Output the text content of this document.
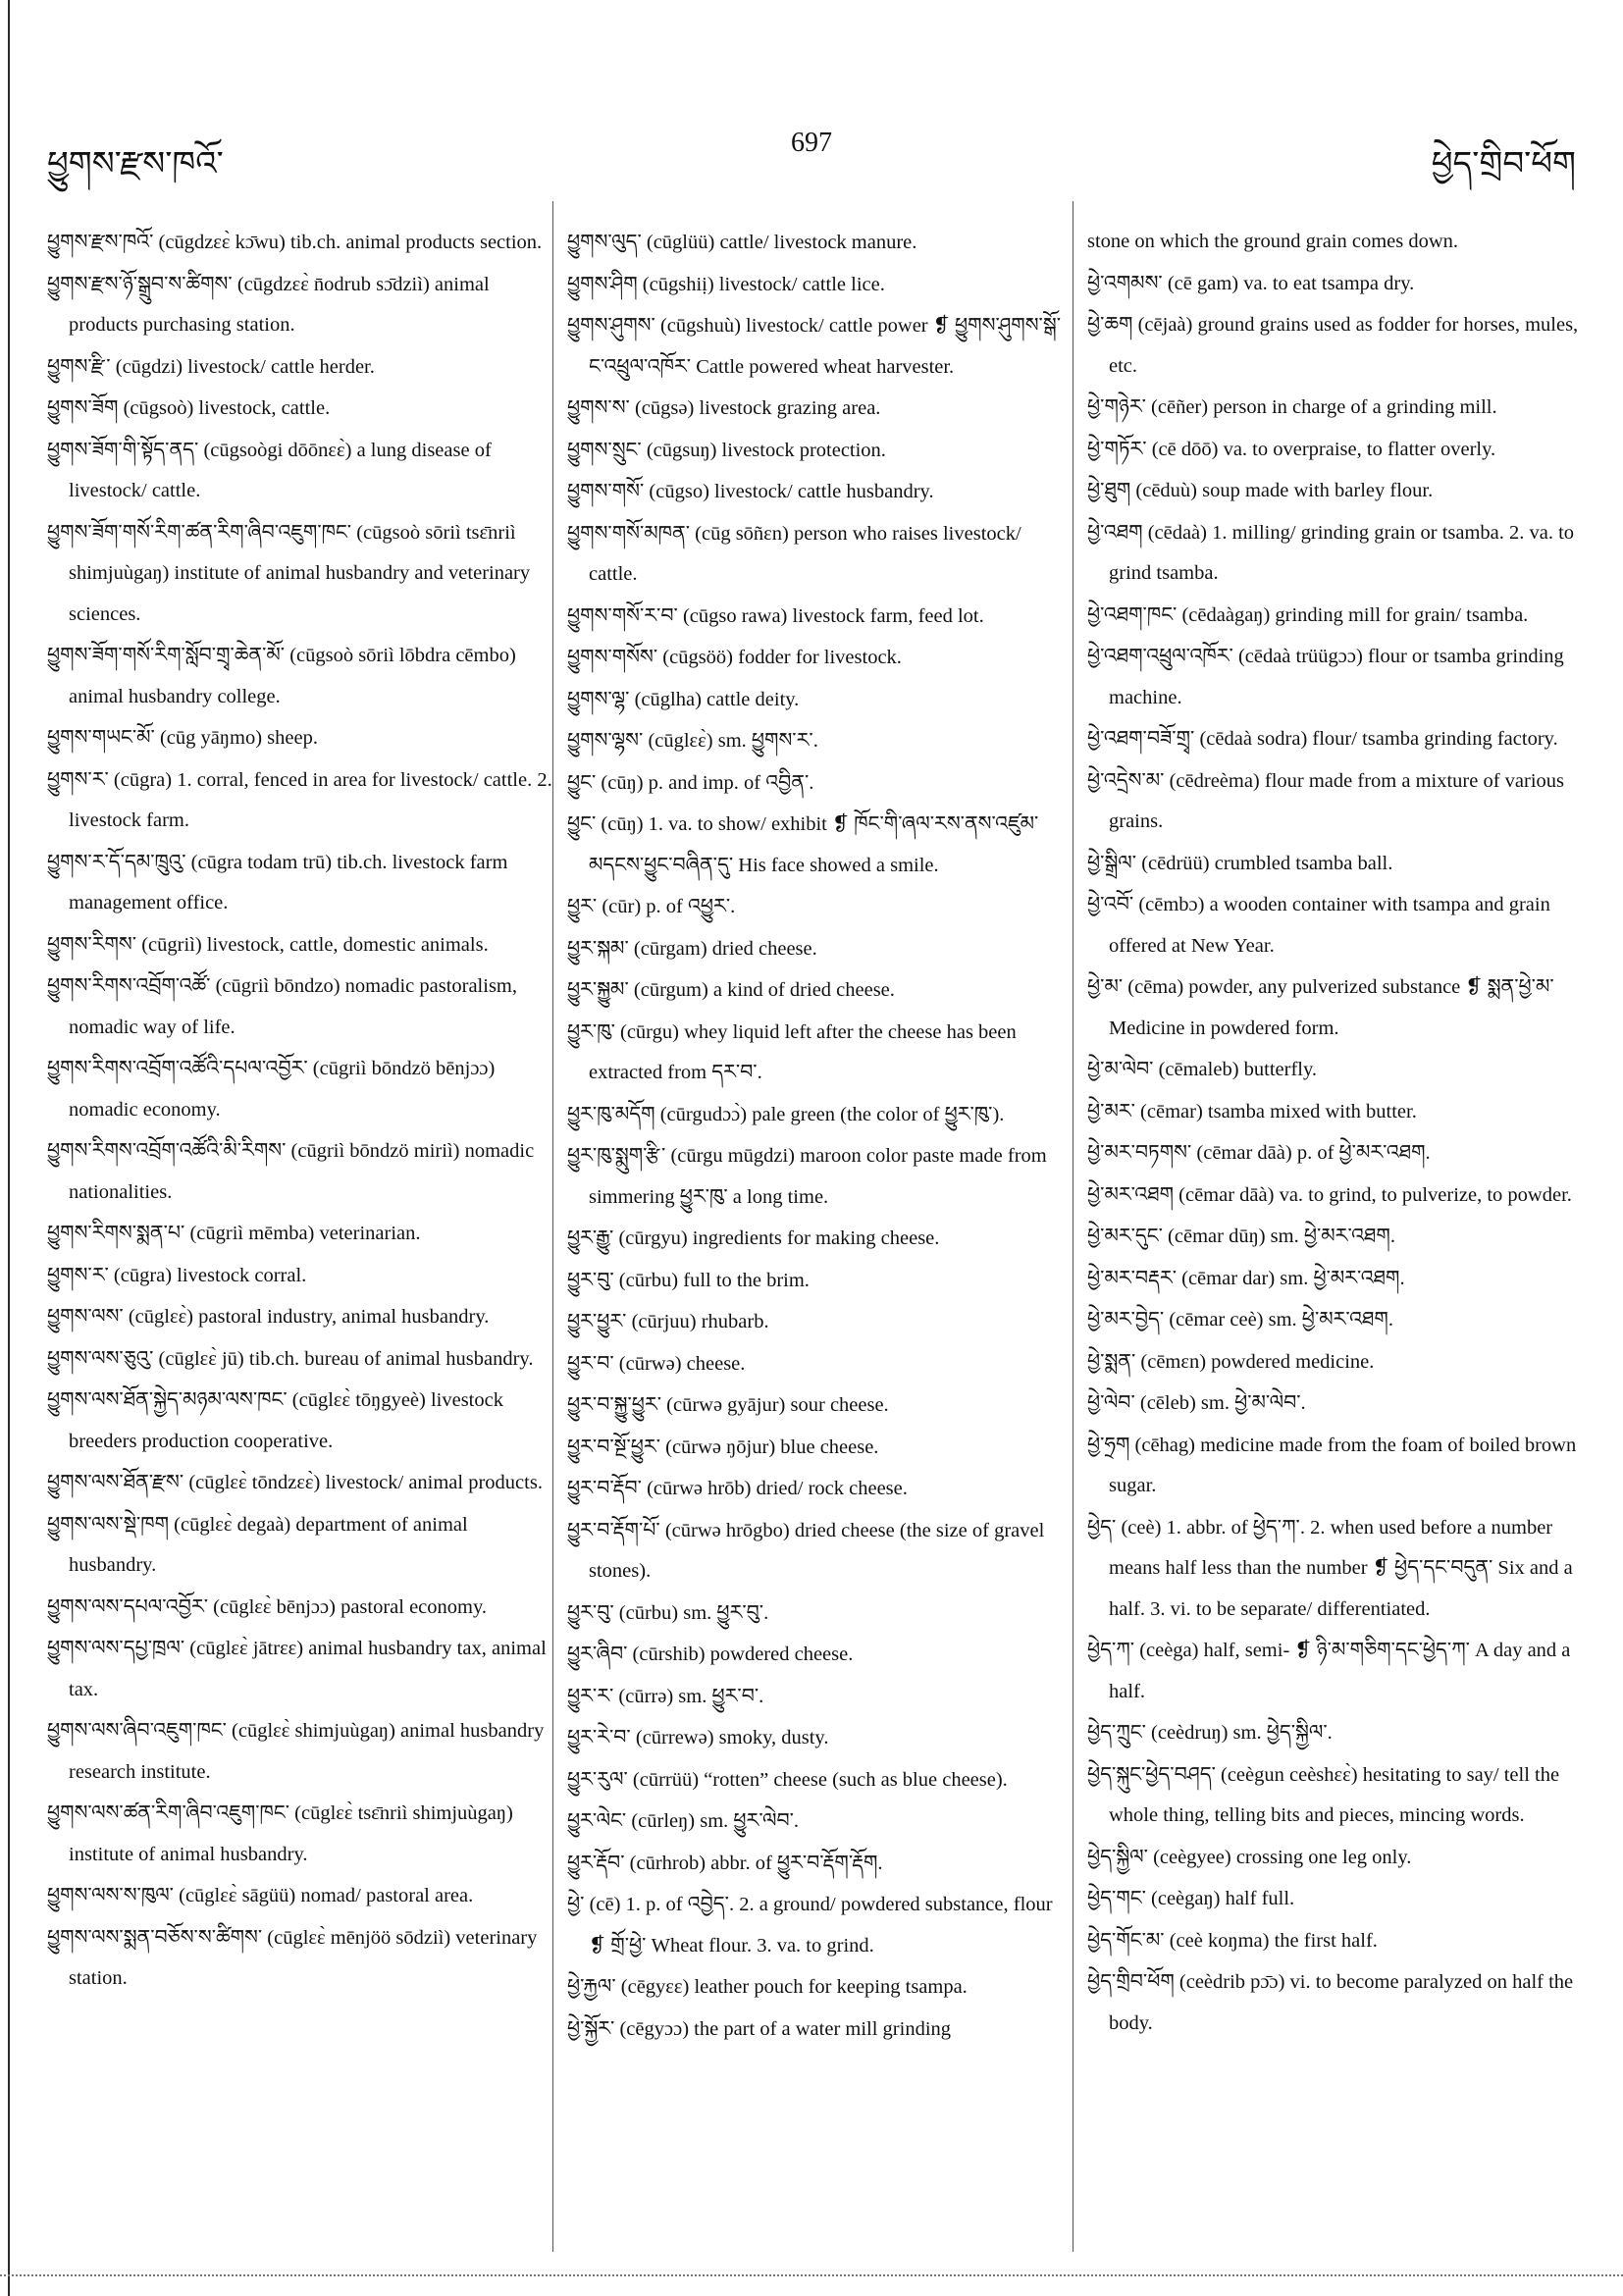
ཕྱུགས་རྫས་ཁའོ་
697
ཕྱེད་གྲིབ་ཕོག

ཕྱུགས་རྫས་ཁའོ་ (cūgdzɛɛ̀ kɔ̄wu) tib.ch. animal products section.

ཕྱུགས་རྫས་ཉོ་སྒྲུབ་ས་ཚིགས་ (cūgdzɛɛ̀ n̄odrub sɔ̄dziì) animal products purchasing station.

ཕྱུགས་རྫི་ (cūgdzi) livestock/ cattle herder.

ཕྱུགས་ཟོག (cūgsoò) livestock, cattle.

ཕྱུགས་ཟོག་གི་སྟོད་ནད་ (cūgsoògi dōōnɛɛ̀) a lung disease of livestock/ cattle.

ཕྱུགས་ཟོག་གསོ་རིག་ཚན་རིག་ཞིབ་འཇུག་ཁང་ (cūgsoò sōriì tsɛ̄nriì shimjuùgaŋ) institute of animal husbandry and veterinary sciences.

ཕྱུགས་ཟོག་གསོ་རིག་སློབ་གྲྭ་ཆེན་མོ་ (cūgsoò sōriì lōbdra cēmbo) animal husbandry college.

ཕྱུགས་གཡང་མོ་ (cūg yāŋmo) sheep.

ཕྱུགས་ར་ (cūgra) 1. corral, fenced in area for livestock/ cattle. 2. livestock farm.

ཕྱུགས་ར་དོ་དམ་ཁྲུའུ་ (cūgra todam trū) tib.ch. livestock farm management office.

ཕྱུགས་རིགས་ (cūgriì) livestock, cattle, domestic animals.

ཕྱུགས་རིགས་འབྲོག་འཚོ་ (cūgriì bōndzo) nomadic pastoralism, nomadic way of life.

ཕྱུགས་རིགས་འབྲོག་འཚོའི་དཔལ་འབྱོར་ (cūgriì bōndzö bēnjɔɔ) nomadic economy.

ཕྱུགས་རིགས་འབྲོག་འཚོའི་མི་རིགས་ (cūgriì bōndzö miriì) nomadic nationalities.

ཕྱུགས་རིགས་སྨན་པ་ (cūgriì mēmba) veterinarian.

ཕྱུགས་ར་ (cūgra) livestock corral.

ཕྱུགས་ལས་ (cūglɛɛ̀) pastoral industry, animal husbandry.

ཕྱུགས་ལས་ཅུའུ་ (cūglɛɛ̀ jū) tib.ch. bureau of animal husbandry.

ཕྱུགས་ལས་ཐོན་སྐྱེད་མཉམ་ལས་ཁང་ (cūglɛɛ̀ tōŋgyeè) livestock breeders production cooperative.

ཕྱུགས་ལས་ཐོན་རྫས་ (cūglɛɛ̀ tōndzɛɛ̀) livestock/ animal products.

ཕྱུགས་ལས་སྡེ་ཁག (cūglɛɛ̀ degaà) department of animal husbandry.

ཕྱུགས་ལས་དཔལ་འབྱོར་ (cūglɛɛ̀ bēnjɔɔ) pastoral economy.

ཕྱུགས་ལས་དཔྱ་ཁྲལ་ (cūglɛɛ̀ jātrɛɛ) animal husbandry tax, animal tax.

ཕྱུགས་ལས་ཞིབ་འཇུག་ཁང་ (cūglɛɛ̀ shimjuùgaŋ) animal husbandry research institute.

ཕྱུགས་ལས་ཚན་རིག་ཞིབ་འཇུག་ཁང་ (cūglɛɛ̀ tsɛ̄nriì shimjuùgaŋ) institute of animal husbandry.

ཕྱུགས་ལས་ས་ཁུལ་ (cūglɛɛ̀ sāgüü) nomad/ pastoral area.

ཕྱུགས་ལས་སྨན་བཅོས་ས་ཚིགས་ (cūglɛɛ̀ mēnjöö sōdziì) veterinary station.

ཕྱུགས་ལུད་ (cūglüü) cattle/ livestock manure.

ཕྱུགས་ཤིག (cūgshiị) livestock/ cattle lice.

ཕྱུགས་ཤུགས་ (cūgshuù) livestock/ cattle power ❡ ཕྱུགས་ཤུགས་སྒོ་ང་འཕྲུལ་འཁོར་ Cattle powered wheat harvester.

ཕྱུགས་ས་ (cūgsə) livestock grazing area.

ཕྱུགས་སྲུང་ (cūgsuŋ) livestock protection.

ཕྱུགས་གསོ་ (cūgso) livestock/ cattle husbandry.

ཕྱུགས་གསོ་མཁན་ (cūg sōñɛn) person who raises livestock/ cattle.

ཕྱུགས་གསོ་ར་བ་ (cūgso rawa) livestock farm, feed lot.

ཕྱུགས་གསོས་ (cūgsöö) fodder for livestock.

ཕྱུགས་ལྷ་ (cūglha) cattle deity.

ཕྱུགས་ལྷས་ (cūglɛɛ̀) sm. ཕྱུགས་ར་.

ཕྱུང་ (cūŋ) p. and imp. of འབྱིན་.

ཕྱུང་ (cūŋ) 1. va. to show/ exhibit ❡ ཁོང་གི་ཞལ་རས་ནས་འཛུམ་མདངས་ཕྱུང་བཞིན་དུ་ His face showed a smile.

ཕྱུར་ (cūr) p. of འཕྱུར་.

ཕྱུར་སྐམ་ (cūrgam) dried cheese.

ཕྱུར་སྐྱུམ་ (cūrgum) a kind of dried cheese.

ཕྱུར་ཁུ་ (cūrgu) whey liquid left after the cheese has been extracted from དར་བ་.

ཕྱུར་ཁུ་མདོག (cūrgudɔɔ̀) pale green (the color of ཕྱུར་ཁུ་).

ཕྱུར་ཁུ་སྨུག་རྩི་ (cūrgu mūgdzi) maroon color paste made from simmering ཕྱུར་ཁུ་ a long time.

ཕྱུར་རྒྱུ་ (cūrgyu) ingredients for making cheese.

ཕྱུར་བུ་ (cūrbu) full to the brim.

ཕྱུར་ཕྱུར་ (cūrjuu) rhubarb.

ཕྱུར་བ་ (cūrwə) cheese.

ཕྱུར་བ་སྐྱུ་ཕྱུར་ (cūrwə gyājur) sour cheese.

ཕྱུར་བ་སྔོ་ཕྱུར་ (cūrwə ŋōjur) blue cheese.

ཕྱུར་བ་རྡོབ་ (cūrwə hrōb) dried/ rock cheese.

ཕྱུར་བ་རྡོག་པོ་ (cūrwə hrōgbo) dried cheese (the size of gravel stones).

ཕྱུར་བུ་ (cūrbu) sm. ཕྱུར་བུ་.

ཕྱུར་ཞིབ་ (cūrshib) powdered cheese.

ཕྱུར་ར་ (cūrrə) sm. ཕྱུར་བ་.

ཕྱུར་རེ་བ་ (cūrrewə) smoky, dusty.

ཕྱུར་རུལ་ (cūrrüü) “rotten” cheese (such as blue cheese).

ཕྱུར་ལེང་ (cūrleŋ) sm. ཕྱུར་ལེབ་.

ཕྱུར་རྡོབ་ (cūrhrob) abbr. of ཕྱུར་བ་རྡོག་རྡོག.

ཕྱེ་ (cē) 1. p. of འབྱེད་. 2. a ground/ powdered substance, flour ❡ གྲོ་ཕྱེ་ Wheat flour. 3. va. to grind.

ཕྱེ་རྐྱལ་ (cēgyɛɛ) leather pouch for keeping tsampa.

ཕྱེ་སྐྱོར་ (cēgyɔɔ) the part of a water mill grinding

stone on which the ground grain comes down.

ཕྱེ་འགམས་ (cē gam) va. to eat tsampa dry.

ཕྱེ་ཆག (cējaà) ground grains used as fodder for horses, mules, etc.

ཕྱེ་གཉེར་ (cēñer) person in charge of a grinding mill.

ཕྱེ་གཏོར་ (cē dōō) va. to overpraise, to flatter overly.

ཕྱེ་ཐུག (cēduù) soup made with barley flour.

ཕྱེ་འཐག (cēdaà) 1. milling/ grinding grain or tsamba. 2. va. to grind tsamba.

ཕྱེ་འཐག་ཁང་ (cēdaàgaŋ) grinding mill for grain/ tsamba.

ཕྱེ་འཐག་འཕྲུལ་འཁོར་ (cēdaà trüügɔɔ) flour or tsamba grinding machine.

ཕྱེ་འཐག་བཟོ་གྲྭ་ (cēdaà sodra) flour/ tsamba grinding factory.

ཕྱེ་འདྲེས་མ་ (cēdreèma) flour made from a mixture of various grains.

ཕྱེ་སྒྲིལ་ (cēdrüü) crumbled tsamba ball.

ཕྱེ་འབོ་ (cēmbɔ) a wooden container with tsampa and grain offered at New Year.

ཕྱེ་མ་ (cēma) powder, any pulverized substance ❡ སྨན་ཕྱེ་མ་ Medicine in powdered form.

ཕྱེ་མ་ལེབ་ (cēmaleb) butterfly.

ཕྱེ་མར་ (cēmar) tsamba mixed with butter.

ཕྱེ་མར་བཏགས་ (cēmar dāà) p. of ཕྱེ་མར་འཐག.

ཕྱེ་མར་འཐག (cēmar dāà) va. to grind, to pulverize, to powder.

ཕྱེ་མར་དུང་ (cēmar dūŋ) sm. ཕྱེ་མར་འཐག.

ཕྱེ་མར་བརྡར་ (cēmar dar) sm. ཕྱེ་མར་འཐག.

ཕྱེ་མར་བྱེད་ (cēmar ceè) sm. ཕྱེ་མར་འཐག.

ཕྱེ་སྨན་ (cēmɛn) powdered medicine.

ཕྱེ་ལེབ་ (cēleb) sm. ཕྱེ་མ་ལེབ་.

ཕྱེ་ཧྲག (cēhag) medicine made from the foam of boiled brown sugar.

ཕྱེད་ (ceè) 1. abbr. of ཕྱེད་ཀ་. 2. when used before a number means half less than the number ❡ ཕྱེད་དང་བདུན་ Six and a half. 3. vi. to be separate/ differentiated.

ཕྱེད་ཀ་ (ceèga) half, semi- ❡ ཉི་མ་གཅིག་དང་ཕྱེད་ཀ་ A day and a half.

ཕྱེད་ཀྲུང་ (ceèdruŋ) sm. ཕྱེད་སྐྱིལ་.

ཕྱེད་སྐུང་ཕྱེད་བཤད་ (ceègun ceèshɛɛ̀) hesitating to say/ tell the whole thing, telling bits and pieces, mincing words.

ཕྱེད་སྐྱིལ་ (ceègyee) crossing one leg only.

ཕྱེད་གང་ (ceègaŋ) half full.

ཕྱེད་གོང་མ་ (ceè koŋma) the first half.

ཕྱེད་གྲིབ་ཕོག (ceèdrib pɔ̄ɔ) vi. to become paralyzed on half the body.
